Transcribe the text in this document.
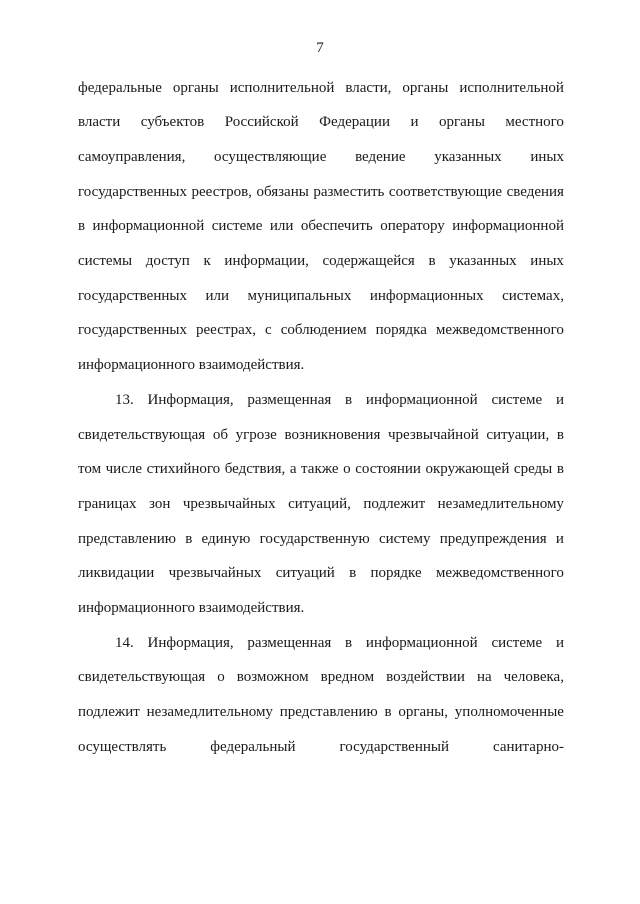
7
федеральные органы исполнительной власти, органы исполнительной
власти субъектов Российской Федерации и органы местного
самоуправления, осуществляющие ведение указанных иных
государственных реестров, обязаны разместить соответствующие сведения
в информационной системе или обеспечить оператору информационной
системы доступ к информации, содержащейся в указанных иных
государственных или муниципальных информационных системах,
государственных реестрах, с соблюдением порядка межведомственного
информационного взаимодействия.
13. Информация, размещенная в информационной системе и
свидетельствующая об угрозе возникновения чрезвычайной ситуации, в
том числе стихийного бедствия, а также о состоянии окружающей среды в
границах зон чрезвычайных ситуаций, подлежит незамедлительному
представлению в единую государственную систему предупреждения и
ликвидации чрезвычайных ситуаций в порядке межведомственного
информационного взаимодействия.
14. Информация, размещенная в информационной системе и
свидетельствующая о возможном вредном воздействии на человека,
подлежит незамедлительному представлению в органы, уполномоченные
осуществлять	федеральный	государственный	санитарно-
